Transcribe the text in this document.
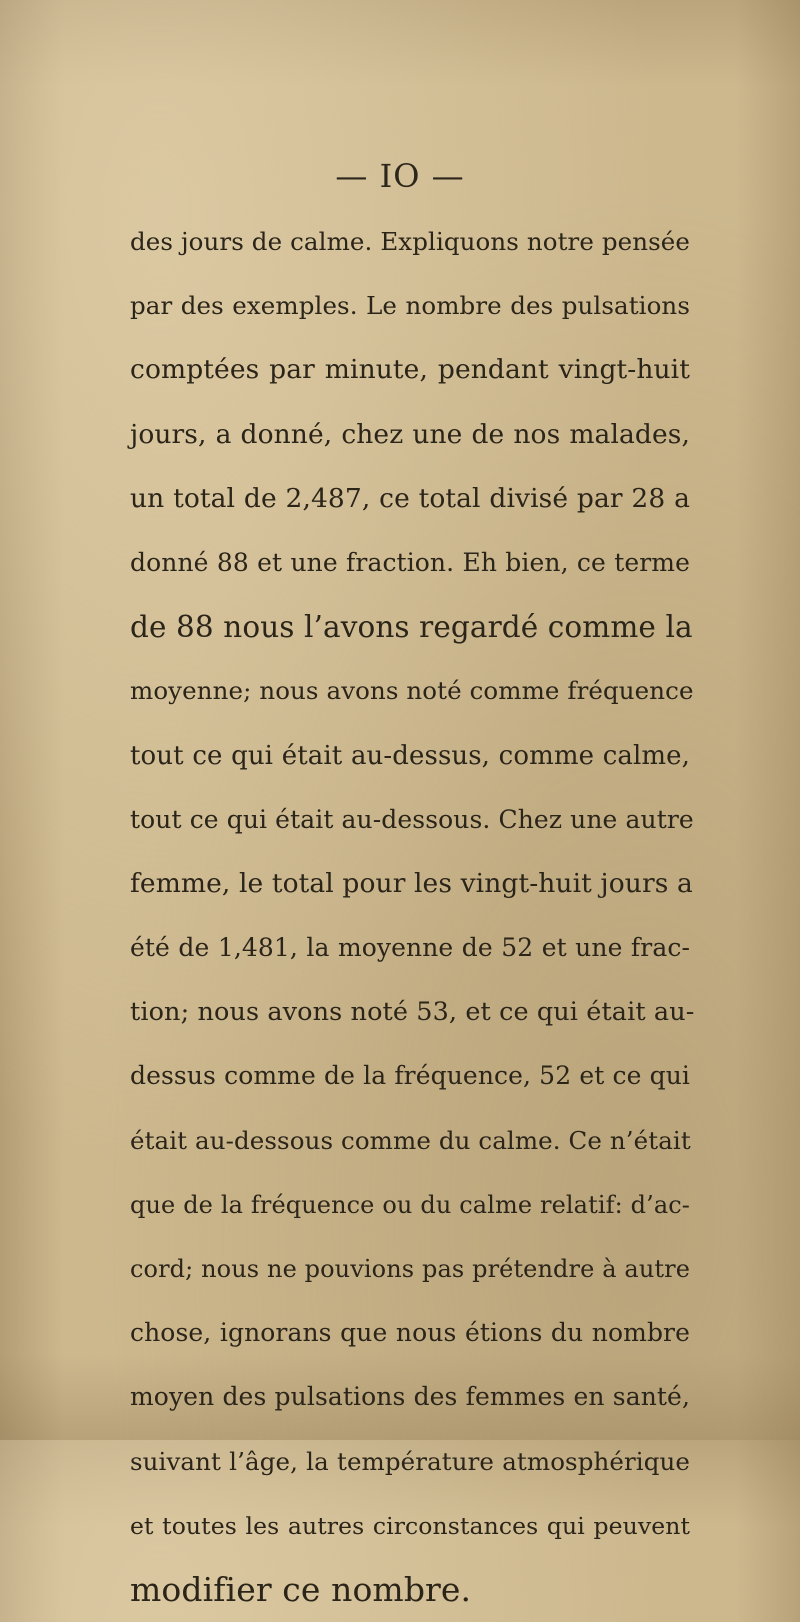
— IO —
des jours de calme. Expliquons notre pensée
par des exemples. Le nombre des pulsations
comptées par minute, pendant vingt-huit
jours, a donné, chez une de nos malades,
un total de 2,487, ce total divisé par 28 a
donné 88 et une fraction. Eh bien, ce terme
de 88 nous l’avons regardé comme la
moyenne; nous avons noté comme fréquence
tout ce qui était au-dessus, comme calme,
tout ce qui était au-dessous. Chez une autre
femme, le total pour les vingt-huit jours a
été de 1,481, la moyenne de 52 et une frac-
tion; nous avons noté 53, et ce qui était au-
dessus comme de la fréquence, 52 et ce qui
était au-dessous comme du calme. Ce n’était
que de la fréquence ou du calme relatif: d’ac-
cord; nous ne pouvions pas prétendre à autre
chose, ignorans que nous étions du nombre
moyen des pulsations des femmes en santé,
suivant l’âge, la température atmosphérique
et toutes les autres circonstances qui peuvent
modifier ce nombre.
